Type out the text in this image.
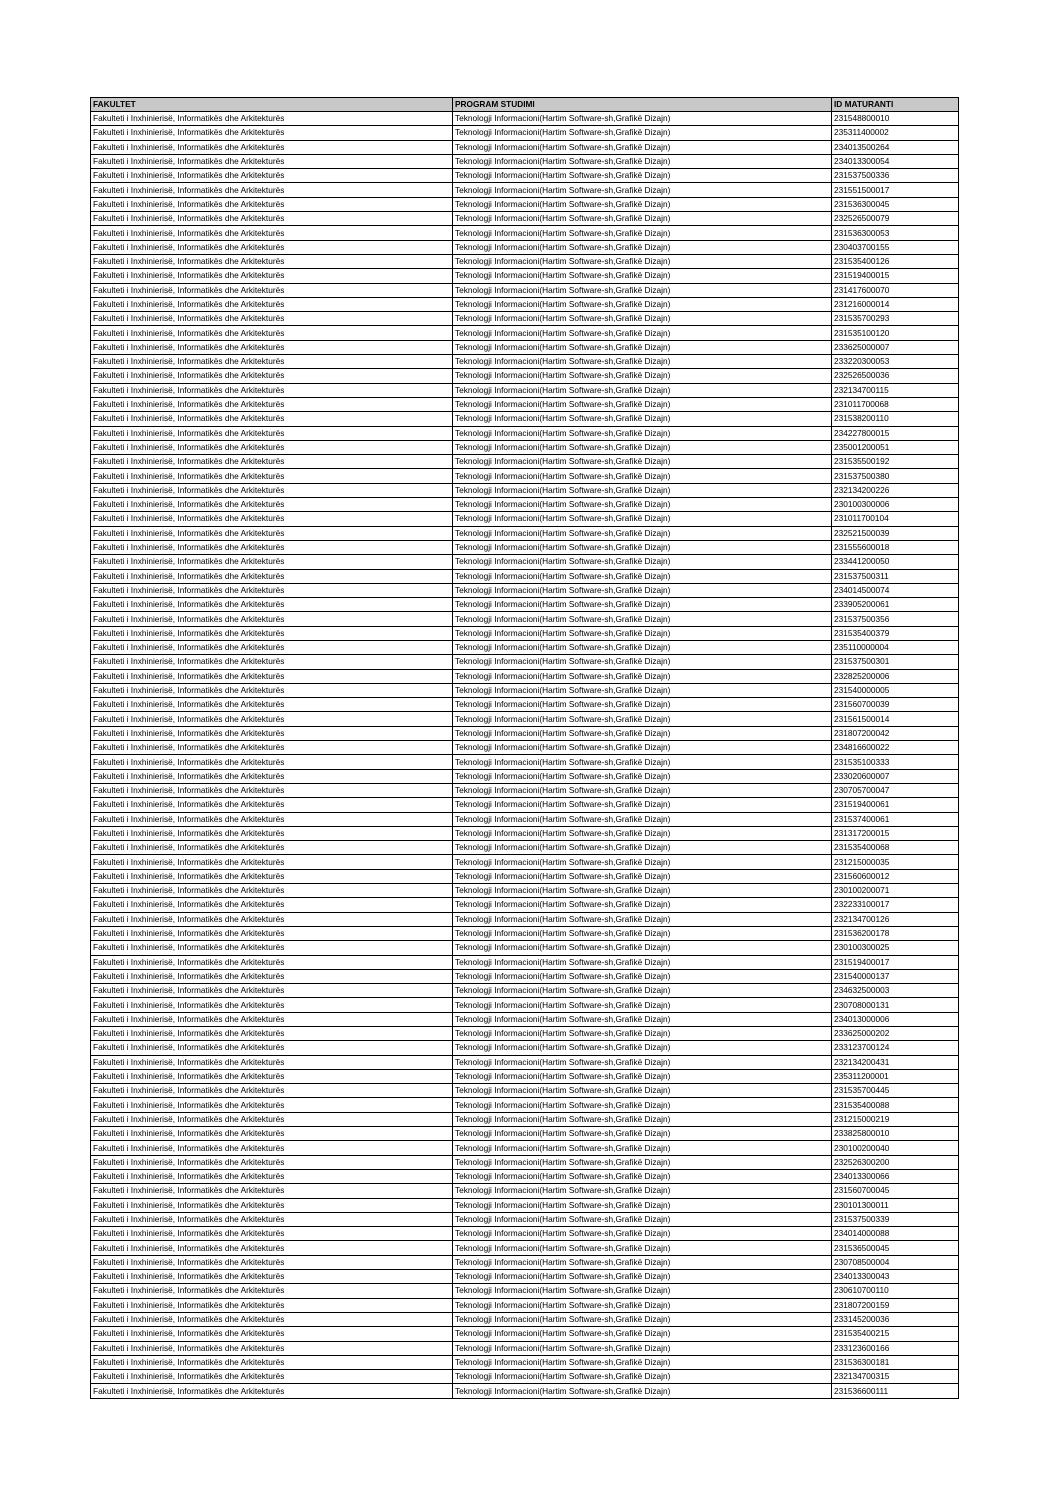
FAKULTET	PROGRAM STUDIMI	ID MATURANTI
Fakulteti i Inxhinierisë, Informatikës dhe Arkitekturës	Teknologji Informacioni(Hartim Software-sh,Grafikë Dizajn)	231548800010
Fakulteti i Inxhinierisë, Informatikës dhe Arkitekturës	Teknologji Informacioni(Hartim Software-sh,Grafikë Dizajn)	235311400002
Fakulteti i Inxhinierisë, Informatikës dhe Arkitekturës	Teknologji Informacioni(Hartim Software-sh,Grafikë Dizajn)	234013500264
Fakulteti i Inxhinierisë, Informatikës dhe Arkitekturës	Teknologji Informacioni(Hartim Software-sh,Grafikë Dizajn)	234013300054
Fakulteti i Inxhinierisë, Informatikës dhe Arkitekturës	Teknologji Informacioni(Hartim Software-sh,Grafikë Dizajn)	231537500336
Fakulteti i Inxhinierisë, Informatikës dhe Arkitekturës	Teknologji Informacioni(Hartim Software-sh,Grafikë Dizajn)	231551500017
Fakulteti i Inxhinierisë, Informatikës dhe Arkitekturës	Teknologji Informacioni(Hartim Software-sh,Grafikë Dizajn)	231536300045
Fakulteti i Inxhinierisë, Informatikës dhe Arkitekturës	Teknologji Informacioni(Hartim Software-sh,Grafikë Dizajn)	232526500079
Fakulteti i Inxhinierisë, Informatikës dhe Arkitekturës	Teknologji Informacioni(Hartim Software-sh,Grafikë Dizajn)	231536300053
Fakulteti i Inxhinierisë, Informatikës dhe Arkitekturës	Teknologji Informacioni(Hartim Software-sh,Grafikë Dizajn)	230403700155
Fakulteti i Inxhinierisë, Informatikës dhe Arkitekturës	Teknologji Informacioni(Hartim Software-sh,Grafikë Dizajn)	231535400126
Fakulteti i Inxhinierisë, Informatikës dhe Arkitekturës	Teknologji Informacioni(Hartim Software-sh,Grafikë Dizajn)	231519400015
Fakulteti i Inxhinierisë, Informatikës dhe Arkitekturës	Teknologji Informacioni(Hartim Software-sh,Grafikë Dizajn)	231417600070
Fakulteti i Inxhinierisë, Informatikës dhe Arkitekturës	Teknologji Informacioni(Hartim Software-sh,Grafikë Dizajn)	231216000014
Fakulteti i Inxhinierisë, Informatikës dhe Arkitekturës	Teknologji Informacioni(Hartim Software-sh,Grafikë Dizajn)	231535700293
Fakulteti i Inxhinierisë, Informatikës dhe Arkitekturës	Teknologji Informacioni(Hartim Software-sh,Grafikë Dizajn)	231535100120
Fakulteti i Inxhinierisë, Informatikës dhe Arkitekturës	Teknologji Informacioni(Hartim Software-sh,Grafikë Dizajn)	233625000007
Fakulteti i Inxhinierisë, Informatikës dhe Arkitekturës	Teknologji Informacioni(Hartim Software-sh,Grafikë Dizajn)	233220300053
Fakulteti i Inxhinierisë, Informatikës dhe Arkitekturës	Teknologji Informacioni(Hartim Software-sh,Grafikë Dizajn)	232526500036
Fakulteti i Inxhinierisë, Informatikës dhe Arkitekturës	Teknologji Informacioni(Hartim Software-sh,Grafikë Dizajn)	232134700115
Fakulteti i Inxhinierisë, Informatikës dhe Arkitekturës	Teknologji Informacioni(Hartim Software-sh,Grafikë Dizajn)	231011700068
Fakulteti i Inxhinierisë, Informatikës dhe Arkitekturës	Teknologji Informacioni(Hartim Software-sh,Grafikë Dizajn)	231538200110
Fakulteti i Inxhinierisë, Informatikës dhe Arkitekturës	Teknologji Informacioni(Hartim Software-sh,Grafikë Dizajn)	234227800015
Fakulteti i Inxhinierisë, Informatikës dhe Arkitekturës	Teknologji Informacioni(Hartim Software-sh,Grafikë Dizajn)	235001200051
Fakulteti i Inxhinierisë, Informatikës dhe Arkitekturës	Teknologji Informacioni(Hartim Software-sh,Grafikë Dizajn)	231535500192
Fakulteti i Inxhinierisë, Informatikës dhe Arkitekturës	Teknologji Informacioni(Hartim Software-sh,Grafikë Dizajn)	231537500380
Fakulteti i Inxhinierisë, Informatikës dhe Arkitekturës	Teknologji Informacioni(Hartim Software-sh,Grafikë Dizajn)	232134200226
Fakulteti i Inxhinierisë, Informatikës dhe Arkitekturës	Teknologji Informacioni(Hartim Software-sh,Grafikë Dizajn)	230100300006
Fakulteti i Inxhinierisë, Informatikës dhe Arkitekturës	Teknologji Informacioni(Hartim Software-sh,Grafikë Dizajn)	231011700104
Fakulteti i Inxhinierisë, Informatikës dhe Arkitekturës	Teknologji Informacioni(Hartim Software-sh,Grafikë Dizajn)	232521500039
Fakulteti i Inxhinierisë, Informatikës dhe Arkitekturës	Teknologji Informacioni(Hartim Software-sh,Grafikë Dizajn)	231555600018
Fakulteti i Inxhinierisë, Informatikës dhe Arkitekturës	Teknologji Informacioni(Hartim Software-sh,Grafikë Dizajn)	233441200050
Fakulteti i Inxhinierisë, Informatikës dhe Arkitekturës	Teknologji Informacioni(Hartim Software-sh,Grafikë Dizajn)	231537500311
Fakulteti i Inxhinierisë, Informatikës dhe Arkitekturës	Teknologji Informacioni(Hartim Software-sh,Grafikë Dizajn)	234014500074
Fakulteti i Inxhinierisë, Informatikës dhe Arkitekturës	Teknologji Informacioni(Hartim Software-sh,Grafikë Dizajn)	233905200061
Fakulteti i Inxhinierisë, Informatikës dhe Arkitekturës	Teknologji Informacioni(Hartim Software-sh,Grafikë Dizajn)	231537500356
Fakulteti i Inxhinierisë, Informatikës dhe Arkitekturës	Teknologji Informacioni(Hartim Software-sh,Grafikë Dizajn)	231535400379
Fakulteti i Inxhinierisë, Informatikës dhe Arkitekturës	Teknologji Informacioni(Hartim Software-sh,Grafikë Dizajn)	235110000004
Fakulteti i Inxhinierisë, Informatikës dhe Arkitekturës	Teknologji Informacioni(Hartim Software-sh,Grafikë Dizajn)	231537500301
Fakulteti i Inxhinierisë, Informatikës dhe Arkitekturës	Teknologji Informacioni(Hartim Software-sh,Grafikë Dizajn)	232825200006
Fakulteti i Inxhinierisë, Informatikës dhe Arkitekturës	Teknologji Informacioni(Hartim Software-sh,Grafikë Dizajn)	231540000005
Fakulteti i Inxhinierisë, Informatikës dhe Arkitekturës	Teknologji Informacioni(Hartim Software-sh,Grafikë Dizajn)	231560700039
Fakulteti i Inxhinierisë, Informatikës dhe Arkitekturës	Teknologji Informacioni(Hartim Software-sh,Grafikë Dizajn)	231561500014
Fakulteti i Inxhinierisë, Informatikës dhe Arkitekturës	Teknologji Informacioni(Hartim Software-sh,Grafikë Dizajn)	231807200042
Fakulteti i Inxhinierisë, Informatikës dhe Arkitekturës	Teknologji Informacioni(Hartim Software-sh,Grafikë Dizajn)	234816600022
Fakulteti i Inxhinierisë, Informatikës dhe Arkitekturës	Teknologji Informacioni(Hartim Software-sh,Grafikë Dizajn)	231535100333
Fakulteti i Inxhinierisë, Informatikës dhe Arkitekturës	Teknologji Informacioni(Hartim Software-sh,Grafikë Dizajn)	233020600007
Fakulteti i Inxhinierisë, Informatikës dhe Arkitekturës	Teknologji Informacioni(Hartim Software-sh,Grafikë Dizajn)	230705700047
Fakulteti i Inxhinierisë, Informatikës dhe Arkitekturës	Teknologji Informacioni(Hartim Software-sh,Grafikë Dizajn)	231519400061
Fakulteti i Inxhinierisë, Informatikës dhe Arkitekturës	Teknologji Informacioni(Hartim Software-sh,Grafikë Dizajn)	231537400061
Fakulteti i Inxhinierisë, Informatikës dhe Arkitekturës	Teknologji Informacioni(Hartim Software-sh,Grafikë Dizajn)	231317200015
Fakulteti i Inxhinierisë, Informatikës dhe Arkitekturës	Teknologji Informacioni(Hartim Software-sh,Grafikë Dizajn)	231535400068
Fakulteti i Inxhinierisë, Informatikës dhe Arkitekturës	Teknologji Informacioni(Hartim Software-sh,Grafikë Dizajn)	231215000035
Fakulteti i Inxhinierisë, Informatikës dhe Arkitekturës	Teknologji Informacioni(Hartim Software-sh,Grafikë Dizajn)	231560600012
Fakulteti i Inxhinierisë, Informatikës dhe Arkitekturës	Teknologji Informacioni(Hartim Software-sh,Grafikë Dizajn)	230100200071
Fakulteti i Inxhinierisë, Informatikës dhe Arkitekturës	Teknologji Informacioni(Hartim Software-sh,Grafikë Dizajn)	232233100017
Fakulteti i Inxhinierisë, Informatikës dhe Arkitekturës	Teknologji Informacioni(Hartim Software-sh,Grafikë Dizajn)	232134700126
Fakulteti i Inxhinierisë, Informatikës dhe Arkitekturës	Teknologji Informacioni(Hartim Software-sh,Grafikë Dizajn)	231536200178
Fakulteti i Inxhinierisë, Informatikës dhe Arkitekturës	Teknologji Informacioni(Hartim Software-sh,Grafikë Dizajn)	230100300025
Fakulteti i Inxhinierisë, Informatikës dhe Arkitekturës	Teknologji Informacioni(Hartim Software-sh,Grafikë Dizajn)	231519400017
Fakulteti i Inxhinierisë, Informatikës dhe Arkitekturës	Teknologji Informacioni(Hartim Software-sh,Grafikë Dizajn)	231540000137
Fakulteti i Inxhinierisë, Informatikës dhe Arkitekturës	Teknologji Informacioni(Hartim Software-sh,Grafikë Dizajn)	234632500003
Fakulteti i Inxhinierisë, Informatikës dhe Arkitekturës	Teknologji Informacioni(Hartim Software-sh,Grafikë Dizajn)	230708000131
Fakulteti i Inxhinierisë, Informatikës dhe Arkitekturës	Teknologji Informacioni(Hartim Software-sh,Grafikë Dizajn)	234013000006
Fakulteti i Inxhinierisë, Informatikës dhe Arkitekturës	Teknologji Informacioni(Hartim Software-sh,Grafikë Dizajn)	233625000202
Fakulteti i Inxhinierisë, Informatikës dhe Arkitekturës	Teknologji Informacioni(Hartim Software-sh,Grafikë Dizajn)	233123700124
Fakulteti i Inxhinierisë, Informatikës dhe Arkitekturës	Teknologji Informacioni(Hartim Software-sh,Grafikë Dizajn)	232134200431
Fakulteti i Inxhinierisë, Informatikës dhe Arkitekturës	Teknologji Informacioni(Hartim Software-sh,Grafikë Dizajn)	235311200001
Fakulteti i Inxhinierisë, Informatikës dhe Arkitekturës	Teknologji Informacioni(Hartim Software-sh,Grafikë Dizajn)	231535700445
Fakulteti i Inxhinierisë, Informatikës dhe Arkitekturës	Teknologji Informacioni(Hartim Software-sh,Grafikë Dizajn)	231535400088
Fakulteti i Inxhinierisë, Informatikës dhe Arkitekturës	Teknologji Informacioni(Hartim Software-sh,Grafikë Dizajn)	231215000219
Fakulteti i Inxhinierisë, Informatikës dhe Arkitekturës	Teknologji Informacioni(Hartim Software-sh,Grafikë Dizajn)	233825800010
Fakulteti i Inxhinierisë, Informatikës dhe Arkitekturës	Teknologji Informacioni(Hartim Software-sh,Grafikë Dizajn)	230100200040
Fakulteti i Inxhinierisë, Informatikës dhe Arkitekturës	Teknologji Informacioni(Hartim Software-sh,Grafikë Dizajn)	232526300200
Fakulteti i Inxhinierisë, Informatikës dhe Arkitekturës	Teknologji Informacioni(Hartim Software-sh,Grafikë Dizajn)	234013300066
Fakulteti i Inxhinierisë, Informatikës dhe Arkitekturës	Teknologji Informacioni(Hartim Software-sh,Grafikë Dizajn)	231560700045
Fakulteti i Inxhinierisë, Informatikës dhe Arkitekturës	Teknologji Informacioni(Hartim Software-sh,Grafikë Dizajn)	230101300011
Fakulteti i Inxhinierisë, Informatikës dhe Arkitekturës	Teknologji Informacioni(Hartim Software-sh,Grafikë Dizajn)	231537500339
Fakulteti i Inxhinierisë, Informatikës dhe Arkitekturës	Teknologji Informacioni(Hartim Software-sh,Grafikë Dizajn)	234014000088
Fakulteti i Inxhinierisë, Informatikës dhe Arkitekturës	Teknologji Informacioni(Hartim Software-sh,Grafikë Dizajn)	231536500045
Fakulteti i Inxhinierisë, Informatikës dhe Arkitekturës	Teknologji Informacioni(Hartim Software-sh,Grafikë Dizajn)	230708500004
Fakulteti i Inxhinierisë, Informatikës dhe Arkitekturës	Teknologji Informacioni(Hartim Software-sh,Grafikë Dizajn)	234013300043
Fakulteti i Inxhinierisë, Informatikës dhe Arkitekturës	Teknologji Informacioni(Hartim Software-sh,Grafikë Dizajn)	230610700110
Fakulteti i Inxhinierisë, Informatikës dhe Arkitekturës	Teknologji Informacioni(Hartim Software-sh,Grafikë Dizajn)	231807200159
Fakulteti i Inxhinierisë, Informatikës dhe Arkitekturës	Teknologji Informacioni(Hartim Software-sh,Grafikë Dizajn)	233145200036
Fakulteti i Inxhinierisë, Informatikës dhe Arkitekturës	Teknologji Informacioni(Hartim Software-sh,Grafikë Dizajn)	231535400215
Fakulteti i Inxhinierisë, Informatikës dhe Arkitekturës	Teknologji Informacioni(Hartim Software-sh,Grafikë Dizajn)	233123600166
Fakulteti i Inxhinierisë, Informatikës dhe Arkitekturës	Teknologji Informacioni(Hartim Software-sh,Grafikë Dizajn)	231536300181
Fakulteti i Inxhinierisë, Informatikës dhe Arkitekturës	Teknologji Informacioni(Hartim Software-sh,Grafikë Dizajn)	232134700315
Fakulteti i Inxhinierisë, Informatikës dhe Arkitekturës	Teknologji Informacioni(Hartim Software-sh,Grafikë Dizajn)	231536600111
